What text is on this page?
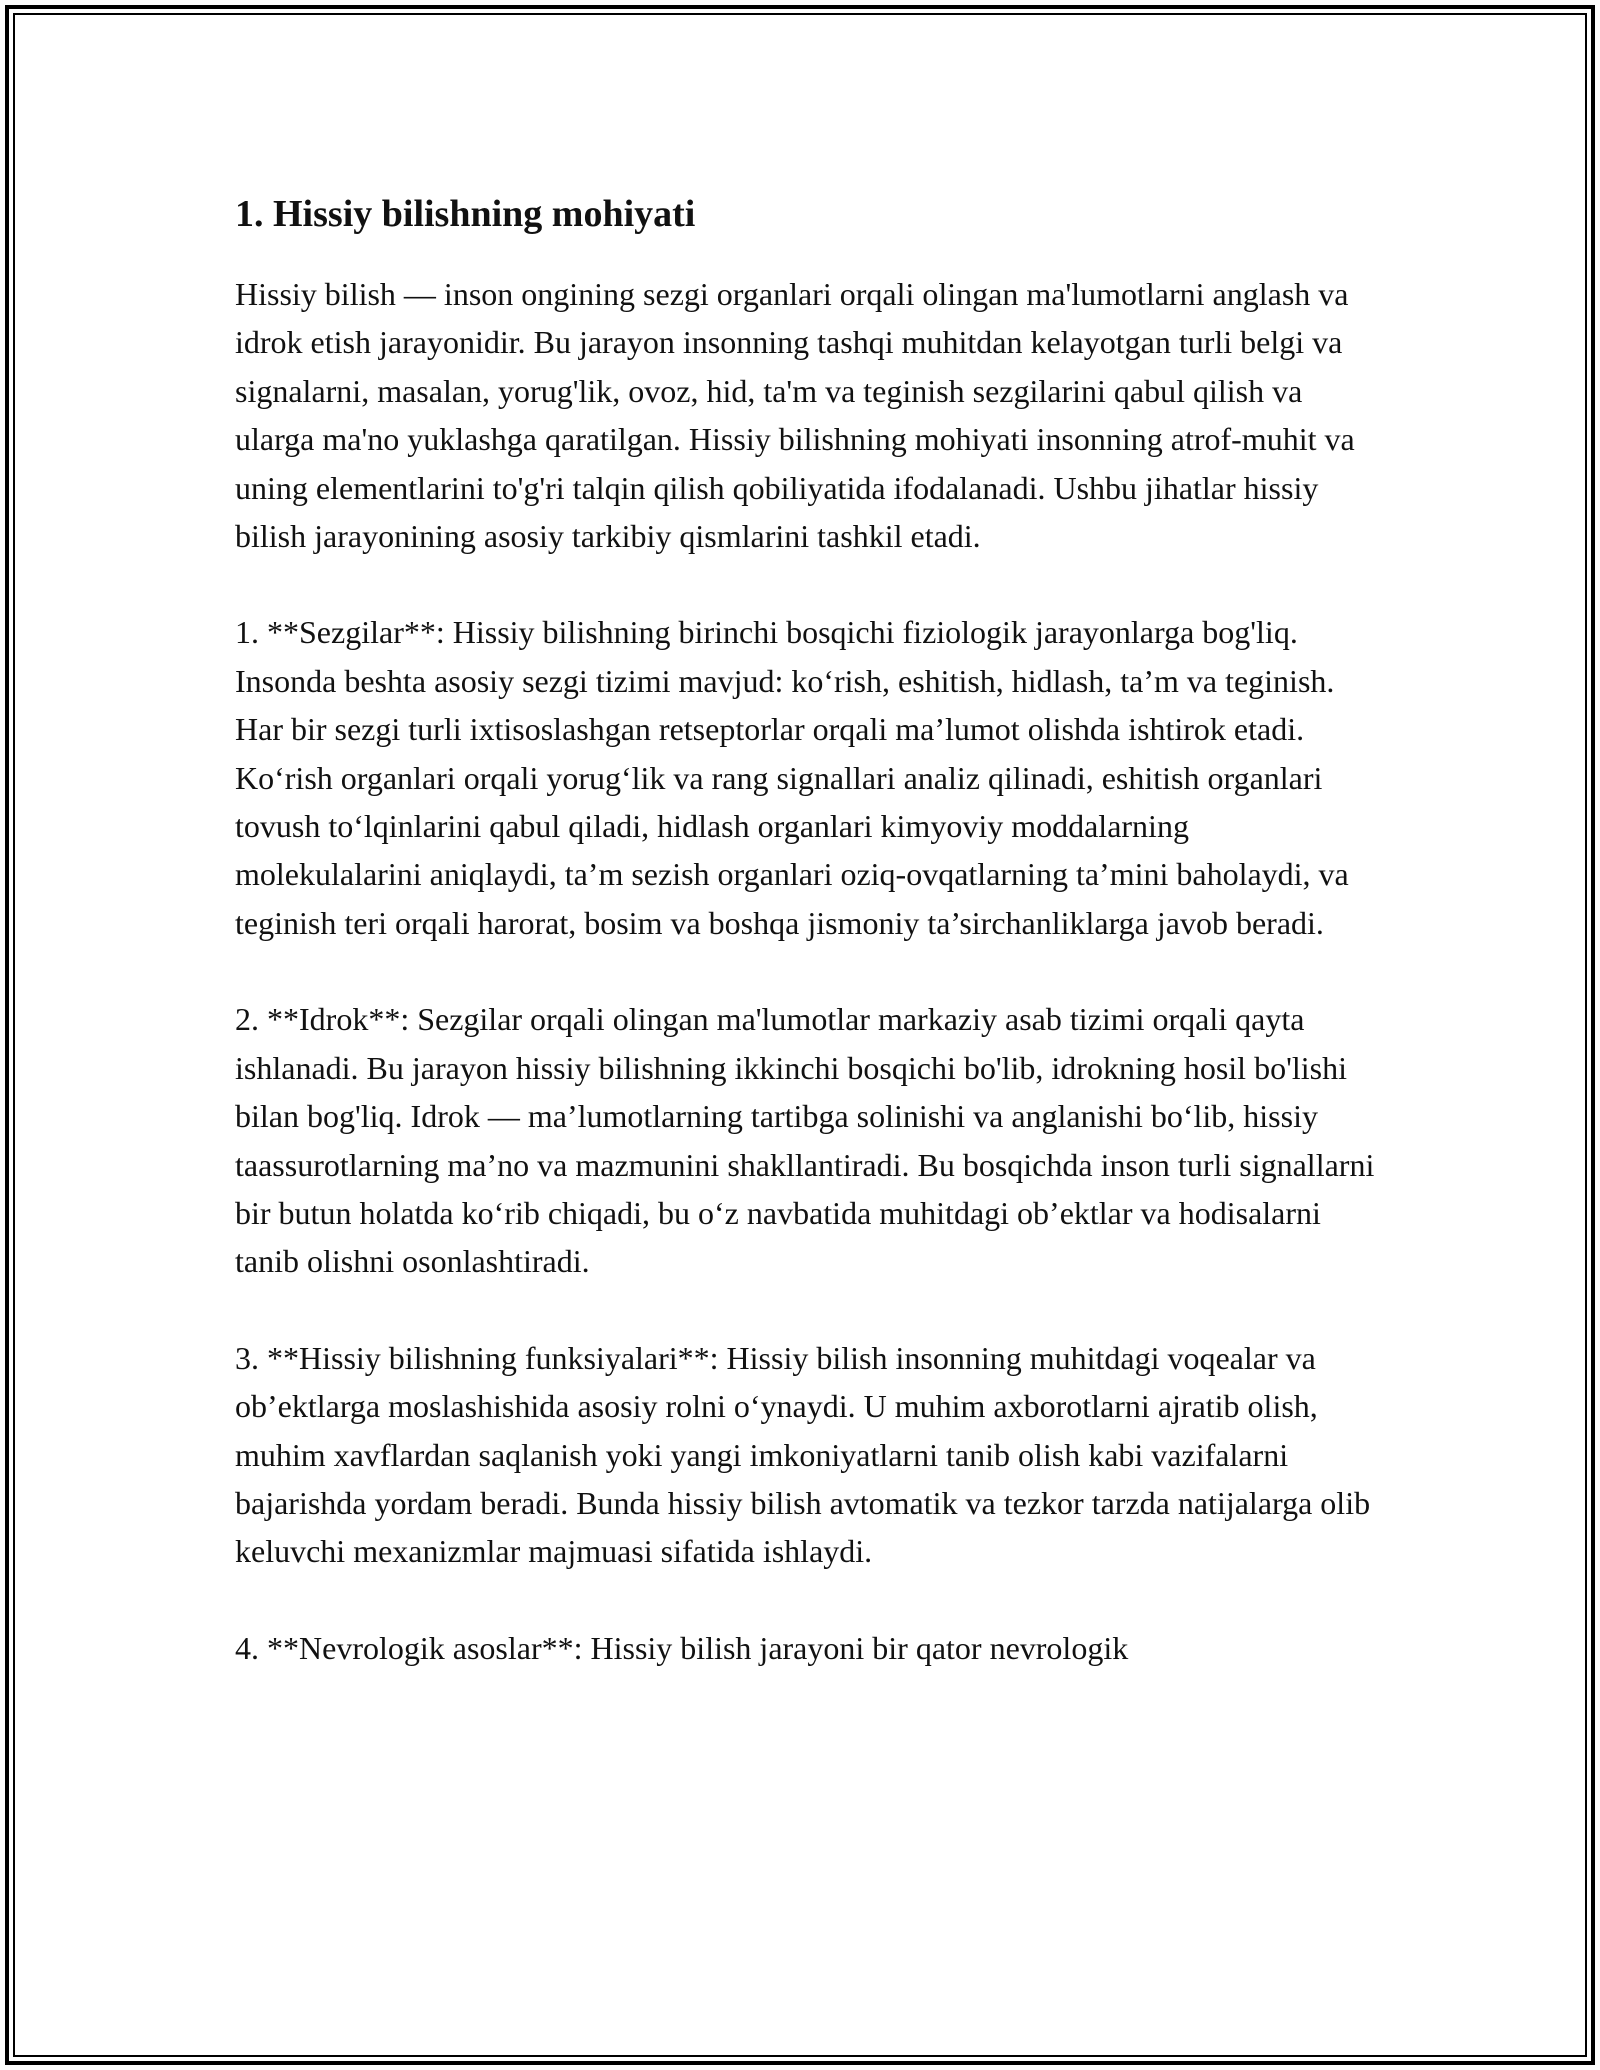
1. Hissiy bilishning mohiyati

Hissiy bilish — inson ongining sezgi organlari orqali olingan ma'lumotlarni anglash va idrok etish jarayonidir. Bu jarayon insonning tashqi muhitdan kelayotgan turli belgi va signalarni, masalan, yorug'lik, ovoz, hid, ta'm va teginish sezgilarini qabul qilish va ularga ma'no yuklashga qaratilgan. Hissiy bilishning mohiyati insonning atrof-muhit va uning elementlarini to'g'ri talqin qilish qobiliyatida ifodalanadi. Ushbu jihatlar hissiy bilish jarayonining asosiy tarkibiy qismlarini tashkil etadi.

1. **Sezgilar**: Hissiy bilishning birinchi bosqichi fiziologik jarayonlarga bog'liq. Insonda beshta asosiy sezgi tizimi mavjud: ko‘rish, eshitish, hidlash, ta’m va teginish. Har bir sezgi turli ixtisoslashgan retseptorlar orqali ma’lumot olishda ishtirok etadi. Ko‘rish organlari orqali yorug‘lik va rang signallari analiz qilinadi, eshitish organlari tovush to‘lqinlarini qabul qiladi, hidlash organlari kimyoviy moddalarning molekulalarini aniqlaydi, ta’m sezish organlari oziq-ovqatlarning ta’mini baholaydi, va teginish teri orqali harorat, bosim va boshqa jismoniy ta’sirchanliklarga javob beradi.

2. **Idrok**: Sezgilar orqali olingan ma'lumotlar markaziy asab tizimi orqali qayta ishlanadi. Bu jarayon hissiy bilishning ikkinchi bosqichi bo'lib, idrokning hosil bo'lishi bilan bog'liq. Idrok — ma’lumotlarning tartibga solinishi va anglanishi bo‘lib, hissiy taassurotlarning ma’no va mazmunini shakllantiradi. Bu bosqichda inson turli signallarni bir butun holatda ko‘rib chiqadi, bu o‘z navbatida muhitdagi ob’ektlar va hodisalarni tanib olishni osonlashtiradi.

3. **Hissiy bilishning funksiyalari**: Hissiy bilish insonning muhitdagi voqealar va ob’ektlarga moslashishida asosiy rolni o‘ynaydi. U muhim axborotlarni ajratib olish, muhim xavflardan saqlanish yoki yangi imkoniyatlarni tanib olish kabi vazifalarni bajarishda yordam beradi. Bunda hissiy bilish avtomatik va tezkor tarzda natijalarga olib keluvchi mexanizmlar majmuasi sifatida ishlaydi.

4. **Nevrologik asoslar**: Hissiy bilish jarayoni bir qator nevrologik
